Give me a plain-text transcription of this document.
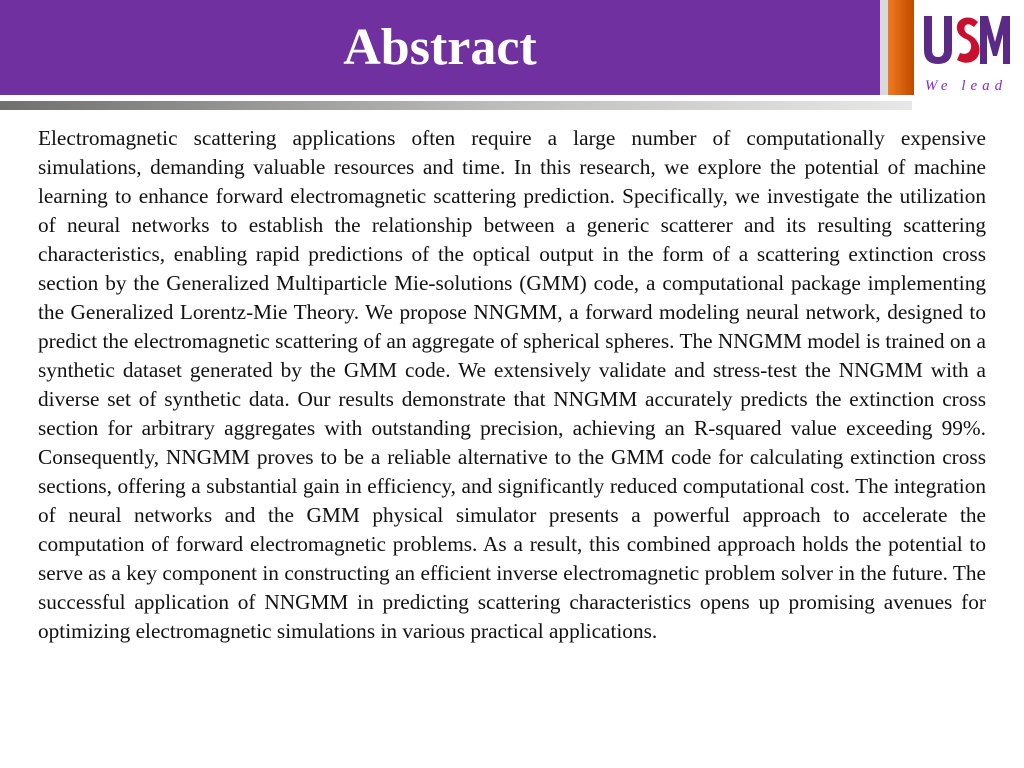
Abstract
We lead

Electromagnetic scattering applications often require a large number of computationally expensive simulations, demanding valuable resources and time. In this research, we explore the potential of machine learning to enhance forward electromagnetic scattering prediction. Specifically, we investigate the utilization of neural networks to establish the relationship between a generic scatterer and its resulting scattering characteristics, enabling rapid predictions of the optical output in the form of a scattering extinction cross section by the Generalized Multiparticle Mie-solutions (GMM) code, a computational package implementing the Generalized Lorentz-Mie Theory. We propose NNGMM, a forward modeling neural network, designed to predict the electromagnetic scattering of an aggregate of spherical spheres. The NNGMM model is trained on a synthetic dataset generated by the GMM code. We extensively validate and stress-test the NNGMM with a diverse set of synthetic data. Our results demonstrate that NNGMM accurately predicts the extinction cross section for arbitrary aggregates with outstanding precision, achieving an R-squared value exceeding 99%. Consequently, NNGMM proves to be a reliable alternative to the GMM code for calculating extinction cross sections, offering a substantial gain in efficiency, and significantly reduced computational cost. The integration of neural networks and the GMM physical simulator presents a powerful approach to accelerate the computation of forward electromagnetic problems. As a result, this combined approach holds the potential to serve as a key component in constructing an efficient inverse electromagnetic problem solver in the future. The successful application of NNGMM in predicting scattering characteristics opens up promising avenues for optimizing electromagnetic simulations in various practical applications.
